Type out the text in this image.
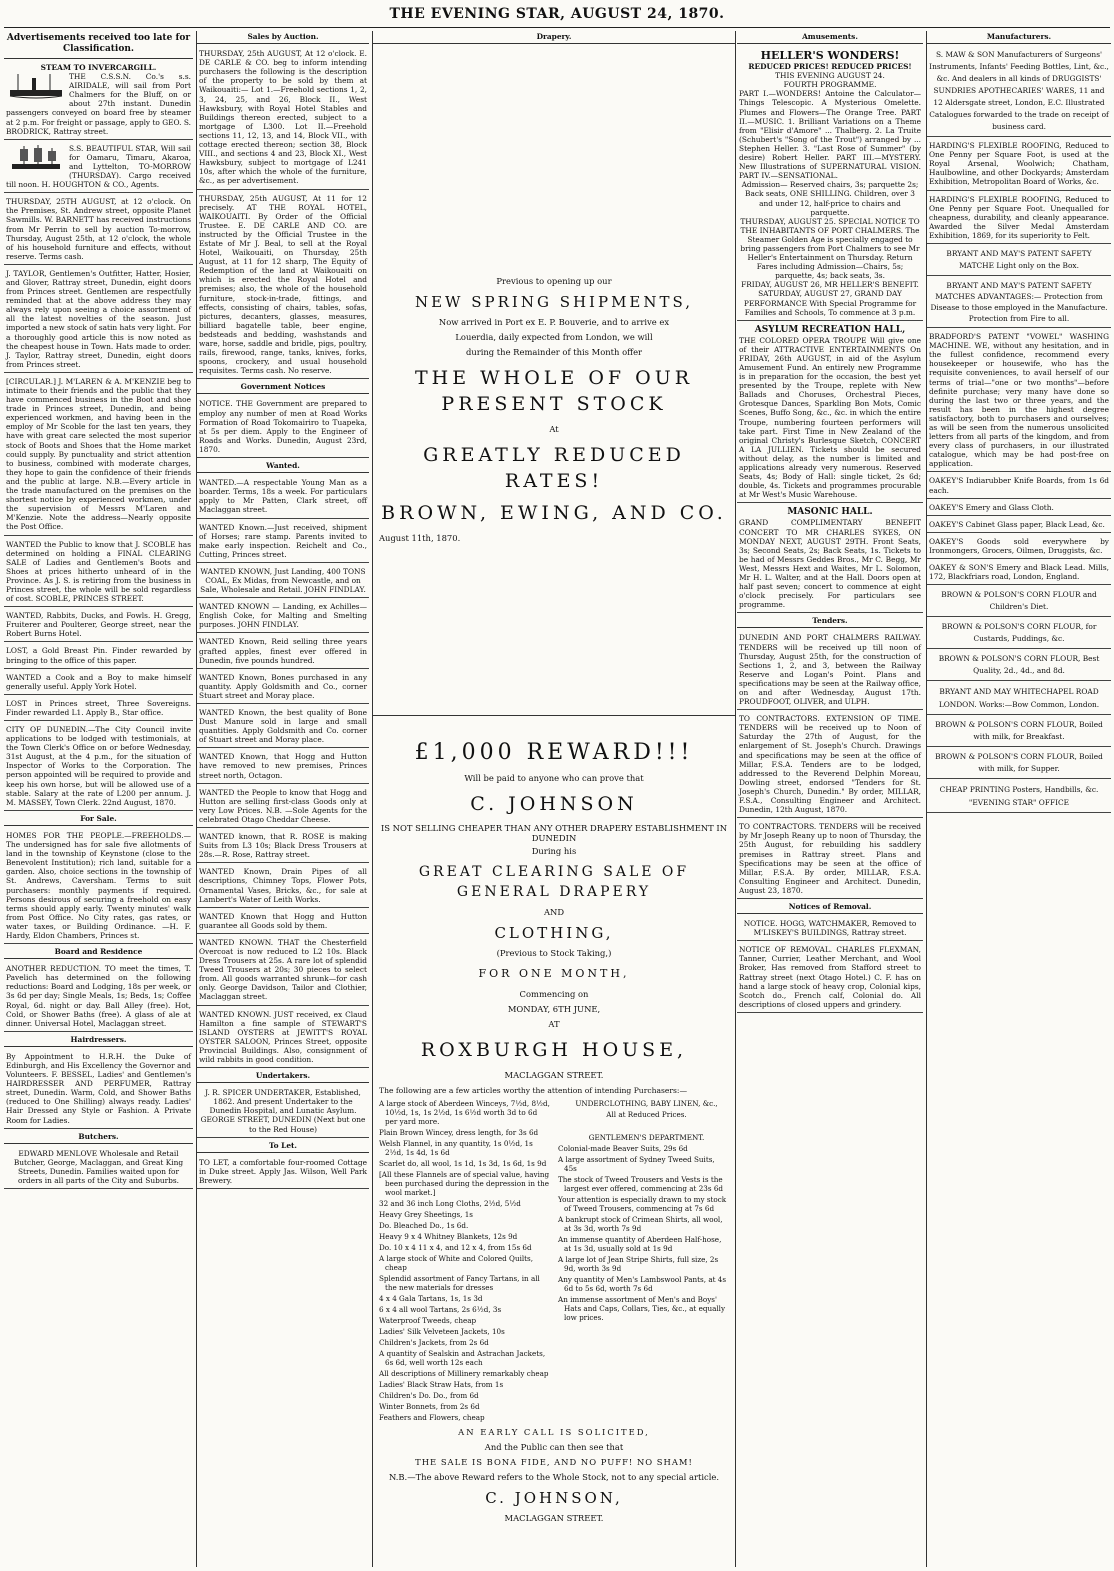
THE EVENING STAR, AUGUST 24, 1870.
Advertisements received too late for Classification.

STEAM TO INVERCARGILL.

THE C.S.S.N. Co.'s s.s. AIRIDALE, will sail from Port Chalmers for the Bluff, on or about 27th instant. Dunedin passengers conveyed on board free by steamer at 2 p.m. For freight or passage, apply to GEO. S. BRODRICK, Rattray street.

S.S. BEAUTIFUL STAR, Will sail for Oamaru, Timaru, Akaroa, and Lyttelton, TO-MORROW (THURSDAY). Cargo received till noon. H. HOUGHTON & CO., Agents.

THURSDAY, 25TH AUGUST, at 12 o'clock. On the Premises, St. Andrew street, opposite Planet Sawmills. W. BARNETT has received instructions from Mr Perrin to sell by auction To-morrow, Thursday, August 25th, at 12 o'clock, the whole of his household furniture and effects, without reserve. Terms cash.

J. TAYLOR, Gentlemen's Outfitter, Hatter, Hosier, and Glover, Rattray street, Dunedin, eight doors from Princes street. Gentlemen are respectfully reminded that at the above address they may always rely upon seeing a choice assortment of all the latest novelties of the season. Just imported a new stock of satin hats very light. For a thoroughly good article this is now noted as the cheapest house in Town. Hats made to order. J. Taylor, Rattray street, Dunedin, eight doors from Princes street.

[CIRCULAR.] J. M'LAREN & A. M'KENZIE beg to intimate to their friends and the public that they have commenced business in the Boot and shoe trade in Princes street, Dunedin, and being experienced workmen, and having been in the employ of Mr Scoble for the last ten years, they have with great care selected the most superior stock of Boots and Shoes that the Home market could supply. By punctuality and strict attention to business, combined with moderate charges, they hope to gain the confidence of their friends and the public at large. N.B.—Every article in the trade manufactured on the premises on the shortest notice by experienced workmen, under the supervision of Messrs M'Laren and M'Kenzie. Note the address—Nearly opposite the Post Office.

WANTED the Public to know that J. SCOBLE has determined on holding a FINAL CLEARING SALE of Ladies and Gentlemen's Boots and Shoes at prices hitherto unheard of in the Province. As J. S. is retiring from the business in Princes street, the whole will be sold regardless of cost. SCOBLE, PRINCES STREET.

WANTED, Rabbits, Ducks, and Fowls. H. Gregg, Fruiterer and Poulterer, George street, near the Robert Burns Hotel.

LOST, a Gold Breast Pin. Finder rewarded by bringing to the office of this paper.

WANTED a Cook and a Boy to make himself generally useful. Apply York Hotel.

LOST in Princes street, Three Sovereigns. Finder rewarded L1. Apply B., Star office.

CITY OF DUNEDIN.—The City Council invite applications to be lodged with testimonials, at the Town Clerk's Office on or before Wednesday, 31st August, at the 4 p.m., for the situation of Inspector of Works to the Corporation. The person appointed will be required to provide and keep his own horse, but will be allowed use of a stable. Salary at the rate of L200 per annum. J. M. MASSEY, Town Clerk. 22nd August, 1870.

For Sale.

HOMES FOR THE PEOPLE.—FREEHOLDS.—The undersigned has for sale five allotments of land in the township of Keynstone (close to the Benevolent Institution); rich land, suitable for a garden. Also, choice sections in the township of St. Andrews, Caversham. Terms to suit purchasers: monthly payments if required. Persons desirous of securing a freehold on easy terms should apply early. Twenty minutes' walk from Post Office. No City rates, gas rates, or water taxes, or Building Ordinance. —H. F. Hardy, Eldon Chambers, Princes st.

Board and Residence

ANOTHER REDUCTION. TO meet the times, T. Pavelich has determined on the following reductions: Board and Lodging, 18s per week, or 3s 6d per day; Single Meals, 1s; Beds, 1s; Coffee Royal, 6d. night or day. Ball Alley (free). Hot, Cold, or Shower Baths (free). A glass of ale at dinner. Universal Hotel, Maclaggan street.

Hairdressers.

By Appointment to H.R.H. the Duke of Edinburgh, and His Excellency the Governor and Volunteers. F. BESSEL, Ladies' and Gentlemen's HAIRDRESSER AND PERFUMER, Rattray street, Dunedin. Warm, Cold, and Shower Baths (reduced to One Shilling) always ready. Ladies' Hair Dressed any Style or Fashion. A Private Room for Ladies.

Butchers.

EDWARD MENLOVE Wholesale and Retail Butcher, George, Maclaggan, and Great King Streets, Dunedin. Families waited upon for orders in all parts of the City and Suburbs.

Sales by Auction.

THURSDAY, 25th AUGUST, At 12 o'clock. E. DE CARLE & CO. beg to inform intending purchasers the following is the description of the property to be sold by them at Waikouaiti:— Lot 1.—Freehold sections 1, 2, 3, 24, 25, and 26, Block II., West Hawksbury, with Royal Hotel Stables and Buildings thereon erected, subject to a mortgage of L300. Lot II.—Freehold sections 11, 12, 13, and 14, Block VII., with cottage erected thereon; section 38, Block VIII., and sections 4 and 23, Block XI., West Hawksbury, subject to mortgage of L241 10s, after which the whole of the furniture, &c., as per advertisement.

THURSDAY, 25th AUGUST, At 11 for 12 precisely. AT THE ROYAL HOTEL, WAIKOUAITI. By Order of the Official Trustee. E. DE CARLE AND CO. are instructed by the Official Trustee in the Estate of Mr J. Beal, to sell at the Royal Hotel, Waikouaiti, on Thursday, 25th August, at 11 for 12 sharp, The Equity of Redemption of the land at Waikouaiti on which is erected the Royal Hotel and premises; also, the whole of the household furniture, stock-in-trade, fittings, and effects, consisting of chairs, tables, sofas, pictures, decanters, glasses, measures, billiard bagatelle table, beer engine, bedsteads and bedding, washstands and ware, horse, saddle and bridle, pigs, poultry, rails, firewood, range, tanks, knives, forks, spoons, crockery, and usual household requisites. Terms cash. No reserve.

Government Notices

NOTICE. THE Government are prepared to employ any number of men at Road Works Formation of Road Tokomairiro to Tuapeka, at 5s per diem. Apply to the Engineer of Roads and Works. Dunedin, August 23rd, 1870.

Wanted.

WANTED.—A respectable Young Man as a boarder. Terms, 18s a week. For particulars apply to Mr Patten, Clark street, off Maclaggan street.

WANTED Known.—Just received, shipment of Horses; rare stamp. Parents invited to make early inspection. Reichelt and Co., Cutting, Princes street.

WANTED KNOWN, Just Landing, 400 TONS COAL, Ex Midas, from Newcastle, and on Sale, Wholesale and Retail. JOHN FINDLAY.

WANTED KNOWN — Landing, ex Achilles—English Coke, for Malting and Smelting purposes. JOHN FINDLAY.

WANTED Known, Reid selling three years grafted apples, finest ever offered in Dunedin, five pounds hundred.

WANTED Known, Bones purchased in any quantity. Apply Goldsmith and Co., corner Stuart street and Moray place.

WANTED Known, the best quality of Bone Dust Manure sold in large and small quantities. Apply Goldsmith and Co. corner of Stuart street and Moray place.

WANTED Known, that Hogg and Hutton have removed to new premises, Princes street north, Octagon.

WANTED the People to know that Hogg and Hutton are selling first-class Goods only at very Low Prices. N.B. —Sole Agents for the celebrated Otago Cheddar Cheese.

WANTED known, that R. ROSE is making Suits from L3 10s; Black Dress Trousers at 28s.—R. Rose, Rattray street.

WANTED Known, Drain Pipes of all descriptions, Chimney Tops, Flower Pots, Ornamental Vases, Bricks, &c., for sale at Lambert's Water of Leith Works.

WANTED Known that Hogg and Hutton guarantee all Goods sold by them.

WANTED KNOWN. THAT the Chesterfield Overcoat is now reduced to L2 10s. Black Dress Trousers at 25s. A rare lot of splendid Tweed Trousers at 20s; 30 pieces to select from. All goods warranted shrunk—for cash only. George Davidson, Tailor and Clothier, Maclaggan street.

WANTED KNOWN. JUST received, ex Claud Hamilton a fine sample of STEWART'S ISLAND OYSTERS at JEWITT'S ROYAL OYSTER SALOON, Princes Street, opposite Provincial Buildings. Also, consignment of wild rabbits in good condition.

Undertakers.

J. R. SPICER UNDERTAKER, Established, 1862. And present Undertaker to the Dunedin Hospital, and Lunatic Asylum. GEORGE STREET, DUNEDIN (Next but one to the Red House)

To Let.

TO LET, a comfortable four-roomed Cottage in Duke street. Apply Jas. Wilson, Well Park Brewery.

Drapery.
Previous to opening up our
NEW SPRING SHIPMENTS,
Now arrived in Port ex E. P. Bouverie, and to arrive ex
Louerdia, daily expected from London, we will
during the Remainder of this Month offer
THE WHOLE OF OUR PRESENT STOCK
At
GREATLY REDUCED RATES!
BROWN, EWING, AND CO.
August 11th, 1870.
£1,000 REWARD!!!
Will be paid to anyone who can prove that
C. JOHNSON
IS NOT SELLING CHEAPER THAN ANY OTHER DRAPERY ESTABLISHMENT IN DUNEDIN
During his
GREAT CLEARING SALE OF GENERAL DRAPERY
AND
CLOTHING,
(Previous to Stock Taking,)
FOR ONE MONTH,
Commencing on
MONDAY, 6TH JUNE,
AT
ROXBURGH HOUSE,
MACLAGGAN STREET.
The following are a few articles worthy the attention of intending Purchasers:—

A large stock of Aberdeen Winceys, 7½d, 8½d, 10½d, 1s, 1s 2½d, 1s 6½d worth 3d to 6d per yard more.

Plain Brown Wincey, dress length, for 3s 6d

Welsh Flannel, in any quantity, 1s 0½d, 1s 2½d, 1s 4d, 1s 6d

Scarlet do, all wool, 1s 1d, 1s 3d, 1s 6d, 1s 9d

[All these Flannels are of special value, having been purchased during the depression in the wool market.]

32 and 36 inch Long Cloths, 2½d, 5½d

Heavy Grey Sheetings, 1s

Do. Bleached Do., 1s 6d.

Heavy 9 x 4 Whitney Blankets, 12s 9d

Do. 10 x 4 11 x 4, and 12 x 4, from 15s 6d

A large stock of White and Colored Quilts, cheap

Splendid assortment of Fancy Tartans, in all the new materials for dresses

4 x 4 Gala Tartans, 1s, 1s 3d

6 x 4 all wool Tartans, 2s 6½d, 3s

Waterproof Tweeds, cheap

Ladies' Silk Velveteen Jackets, 10s

Children's Jackets, from 2s 6d

A quantity of Sealskin and Astrachan Jackets, 6s 6d, well worth 12s each

All descriptions of Millinery remarkably cheap

Ladies' Black Straw Hats, from 1s

Children's Do. Do., from 6d

Winter Bonnets, from 2s 6d

Feathers and Flowers, cheap

UNDERCLOTHING, BABY LINEN, &c.,

All at Reduced Prices.

GENTLEMEN'S DEPARTMENT.

Colonial-made Beaver Suits, 29s 6d

A large assortment of Sydney Tweed Suits, 45s

The stock of Tweed Trousers and Vests is the largest ever offered, commencing at 23s 6d

Your attention is especially drawn to my stock of Tweed Trousers, commencing at 7s 6d

A bankrupt stock of Crimean Shirts, all wool, at 3s 3d, worth 7s 9d

An immense quantity of Aberdeen Half-hose, at 1s 3d, usually sold at 1s 9d

A large lot of Jean Stripe Shirts, full size, 2s 9d, worth 3s 9d

Any quantity of Men's Lambswool Pants, at 4s 6d to 5s 6d, worth 7s 6d

An immense assortment of Men's and Boys' Hats and Caps, Collars, Ties, &c., at equally low prices.

AN EARLY CALL IS SOLICITED,
And the Public can then see that
THE SALE IS BONA FIDE, AND NO PUFF! NO SHAM!
N.B.—The above Reward refers to the Whole Stock, not to any special article.
C. JOHNSON,
MACLAGGAN STREET.
Amusements.

HELLER'S WONDERS!

REDUCED PRICES! REDUCED PRICES!

THIS EVENING AUGUST 24.

FOURTH PROGRAMME.

PART I.—WONDERS! Antoine the Calculator—Things Telescopic. A Mysterious Omelette. Plumes and Flowers—The Orange Tree. PART II.—MUSIC. 1. Brilliant Variations on a Theme from "Elisir d'Amore" ... Thalberg. 2. La Truite (Schubert's "Song of the Trout") arranged by ... Stephen Heller. 3. "Last Rose of Summer" (by desire) Robert Heller. PART III.—MYSTERY. New Illustrations of SUPERNATURAL VISION. PART IV.—SENSATIONAL.

Admission— Reserved chairs, 3s; parquette 2s; Back seats, ONE SHILLING. Children, over 3 and under 12, half-price to chairs and parquette.

THURSDAY, AUGUST 25. SPECIAL NOTICE TO THE INHABITANTS OF PORT CHALMERS. The Steamer Golden Age is specially engaged to bring passengers from Port Chalmers to see Mr Heller's Entertainment on Thursday. Return Fares including Admission—Chairs, 5s; parquette, 4s; back seats, 3s.

FRIDAY, AUGUST 26, MR HELLER'S BENEFIT.

SATURDAY, AUGUST 27, GRAND DAY PERFORMANCE With Special Programme for Families and Schools, To commence at 3 p.m.

ASYLUM RECREATION HALL,

THE COLORED OPERA TROUPE Will give one of their ATTRACTIVE ENTERTAINMENTS On FRIDAY, 26th AUGUST, in aid of the Asylum Amusement Fund. An entirely new Programme is in preparation for the occasion, the best yet presented by the Troupe, replete with New Ballads and Choruses, Orchestral Pieces, Grotesque Dances, Sparkling Bon Mots, Comic Scenes, Buffo Song, &c., &c. in which the entire Troupe, numbering fourteen performers will take part. First Time in New Zealand of the original Christy's Burlesque Sketch, CONCERT A LA JULLIEN. Tickets should be secured without delay, as the number is limited and applications already very numerous. Reserved Seats, 4s; Body of Hall: single ticket, 2s 6d; double, 4s. Tickets and programmes procurable at Mr West's Music Warehouse.

MASONIC HALL.

GRAND COMPLIMENTARY BENEFIT CONCERT TO MR CHARLES SYKES, ON MONDAY NEXT, AUGUST 29TH. Front Seats, 3s; Second Seats, 2s; Back Seats, 1s. Tickets to be had of Messrs Geddes Bros., Mr C. Begg, Mr West, Messrs Hext and Waites, Mr L. Solomon, Mr H. L. Walter, and at the Hall. Doors open at half past seven; concert to commence at eight o'clock precisely. For particulars see programme.

Tenders.

DUNEDIN AND PORT CHALMERS RAILWAY. TENDERS will be received up till noon of Thursday, August 25th, for the construction of Sections 1, 2, and 3, between the Railway Reserve and Logan's Point. Plans and specifications may be seen at the Railway office, on and after Wednesday, August 17th. PROUDFOOT, OLIVER, and ULPH.

TO CONTRACTORS. EXTENSION OF TIME. TENDERS will be received up to Noon of Saturday the 27th of August, for the enlargement of St. Joseph's Church. Drawings and specifications may be seen at the office of Millar, F.S.A. Tenders are to be lodged, addressed to the Reverend Delphin Moreau, Dowling street, endorsed "Tenders for St. Joseph's Church, Dunedin." By order, MILLAR, F.S.A., Consulting Engineer and Architect. Dunedin, 12th August, 1870.

TO CONTRACTORS. TENDERS will be received by Mr Joseph Reany up to noon of Thursday, the 25th August, for rebuilding his saddlery premises in Rattray street. Plans and Specifications may be seen at the office of Millar, F.S.A. By order, MILLAR, F.S.A. Consulting Engineer and Architect. Dunedin, August 23, 1870.

Notices of Removal.

NOTICE. HOGG, WATCHMAKER, Removed to M'LISKEY'S BUILDINGS, Rattray street.

NOTICE OF REMOVAL. CHARLES FLEXMAN, Tanner, Currier, Leather Merchant, and Wool Broker, Has removed from Stafford street to Rattray street (next Otago Hotel.) C. F. has on hand a large stock of heavy crop, Colonial kips, Scotch do., French calf, Colonial do. All descriptions of closed uppers and grindery.

Manufacturers.

S. MAW & SON Manufacturers of Surgeons' Instruments, Infants' Feeding Bottles, Lint, &c., &c. And dealers in all kinds of DRUGGISTS' SUNDRIES APOTHECARIES' WARES, 11 and 12 Aldersgate street, London, E.C. Illustrated Catalogues forwarded to the trade on receipt of business card.

HARDING'S FLEXIBLE ROOFING, Reduced to One Penny per Square Foot, is used at the Royal Arsenal, Woolwich; Chatham, Haulbowline, and other Dockyards; Amsterdam Exhibition, Metropolitan Board of Works, &c.

HARDING'S FLEXIBLE ROOFING, Reduced to One Penny per Square Foot. Unequalled for cheapness, durability, and cleanly appearance. Awarded the Silver Medal Amsterdam Exhibition, 1869, for its superiority to Felt.

BRYANT AND MAY'S PATENT SAFETY MATCHE Light only on the Box.

BRYANT AND MAY'S PATENT SAFETY MATCHES ADVANTAGES:— Protection from Disease to those employed in the Manufacture. Protection from Fire to all.

BRADFORD'S PATENT "VOWEL" WASHING MACHINE. WE, without any hesitation, and in the fullest confidence, recommend every housekeeper or housewife, who has the requisite conveniences, to avail herself of our terms of trial—"one or two months"—before definite purchase; very many have done so during the last two or three years, and the result has been in the highest degree satisfactory, both to purchasers and ourselves; as will be seen from the numerous unsolicited letters from all parts of the kingdom, and from every class of purchasers, in our illustrated catalogue, which may be had post-free on application.

OAKEY'S Indiarubber Knife Boards, from 1s 6d each.

OAKEY'S Emery and Glass Cloth.

OAKEY'S Cabinet Glass paper, Black Lead, &c.

OAKEY'S Goods sold everywhere by Ironmongers, Grocers, Oilmen, Druggists, &c.

OAKEY & SON'S Emery and Black Lead. Mills, 172, Blackfriars road, London, England.

BROWN & POLSON'S CORN FLOUR and Children's Diet.

BROWN & POLSON'S CORN FLOUR, for Custards, Puddings, &c.

BROWN & POLSON'S CORN FLOUR, Best Quality, 2d., 4d., and 8d.

BRYANT AND MAY WHITECHAPEL ROAD LONDON. Works:—Bow Common, London.

BROWN & POLSON'S CORN FLOUR, Boiled with milk, for Breakfast.

BROWN & POLSON'S CORN FLOUR, Boiled with milk, for Supper.

CHEAP PRINTING Posters, Handbills, &c. "EVENING STAR" OFFICE
